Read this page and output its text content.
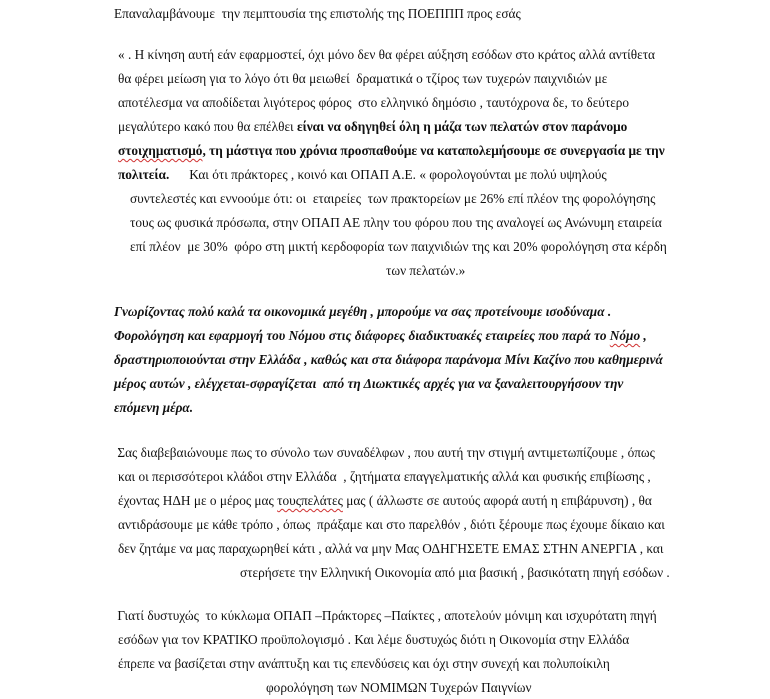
Επαναλαμβάνουμε  την πεμπτουσία της επιστολής της ΠΟΕΠΠΠ προς εσάς

« . Η κίνηση αυτή εάν εφαρμοστεί, όχι μόνο δεν θα φέρει αύξηση εσόδων στο κράτος αλλά αντίθετα

θα φέρει μείωση για το λόγο ότι θα μειωθεί  δραματικά ο τζίρος των τυχερών παιχνιδιών με

αποτέλεσμα να αποδίδεται λιγότερος φόρος  στο ελληνικό δημόσιο , ταυτόχρονα δε, το δεύτερο

μεγαλύτερο κακό που θα επέλθει είναι να οδηγηθεί όλη η μάζα των πελατών στον παράνομο

στοιχηματισμό, τη μάστιγα που χρόνια προσπαθούμε να καταπολεμήσουμε σε συνεργασία με την

πολιτεία.      Και ότι πράκτορες , κοινό και ΟΠΑΠ Α.Ε. « φορολογούνται με πολύ υψηλούς

συντελεστές και εννοούμε ότι: οι  εταιρείες  των πρακτορείων με 26% επί πλέον της φορολόγησης

τους ως φυσικά πρόσωπα, στην ΟΠΑΠ ΑΕ πλην του φόρου που της αναλογεί ως Ανώνυμη εταιρεία

επί πλέον  με 30%  φόρο στη μικτή κερδοφορία των παιχνιδιών της και 20% φορολόγηση στα κέρδη

των πελατών.»

Γνωρίζοντας πολύ καλά τα οικονομικά μεγέθη , μπορούμε να σας προτείνουμε ισοδύναμα .

Φορολόγηση και εφαρμογή του Νόμου στις διάφορες διαδικτυακές εταιρείες που παρά το Νόμο ,

δραστηριοποιούνται στην Ελλάδα , καθώς και στα διάφορα παράνομα Μίνι Καζίνο που καθημερινά

μέρος αυτών , ελέγχεται-σφραγίζεται  από τη Διωκτικές αρχές για να ξαναλειτουργήσουν την

επόμενη μέρα.

Σας διαβεβαιώνουμε πως το σύνολο των συναδέλφων , που αυτή την στιγμή αντιμετωπίζουμε , όπως

και οι περισσότεροι κλάδοι στην Ελλάδα  , ζητήματα επαγγελματικής αλλά και φυσικής επιβίωσης ,

έχοντας ΗΔΗ με ο μέρος μας τουςπελάτες μας ( άλλωστε σε αυτούς αφορά αυτή η επιβάρυνση) , θα

αντιδράσουμε με κάθε τρόπο , όπως  πράξαμε και στο παρελθόν , διότι ξέρουμε πως έχουμε δίκαιο και

δεν ζητάμε να μας παραχωρηθεί κάτι , αλλά να μην Μας ΟΔΗΓΗΣΕΤΕ ΕΜΑΣ ΣΤΗΝ ΑΝΕΡΓΙΑ , και

στερήσετε την Ελληνική Οικονομία από μια βασική , βασικότατη πηγή εσόδων .

Γιατί δυστυχώς  το κύκλωμα ΟΠΑΠ –Πράκτορες –Παίκτες , αποτελούν μόνιμη και ισχυρότατη πηγή

εσόδων για τον ΚΡΑΤΙΚΟ προϋπολογισμό . Και λέμε δυστυχώς διότι η Οικονομία στην Ελλάδα

έπρεπε να βασίζεται στην ανάπτυξη και τις επενδύσεις και όχι στην συνεχή και πολυποίκιλη

φορολόγηση των ΝΟΜΙΜΩΝ Τυχερών Παιγνίων
